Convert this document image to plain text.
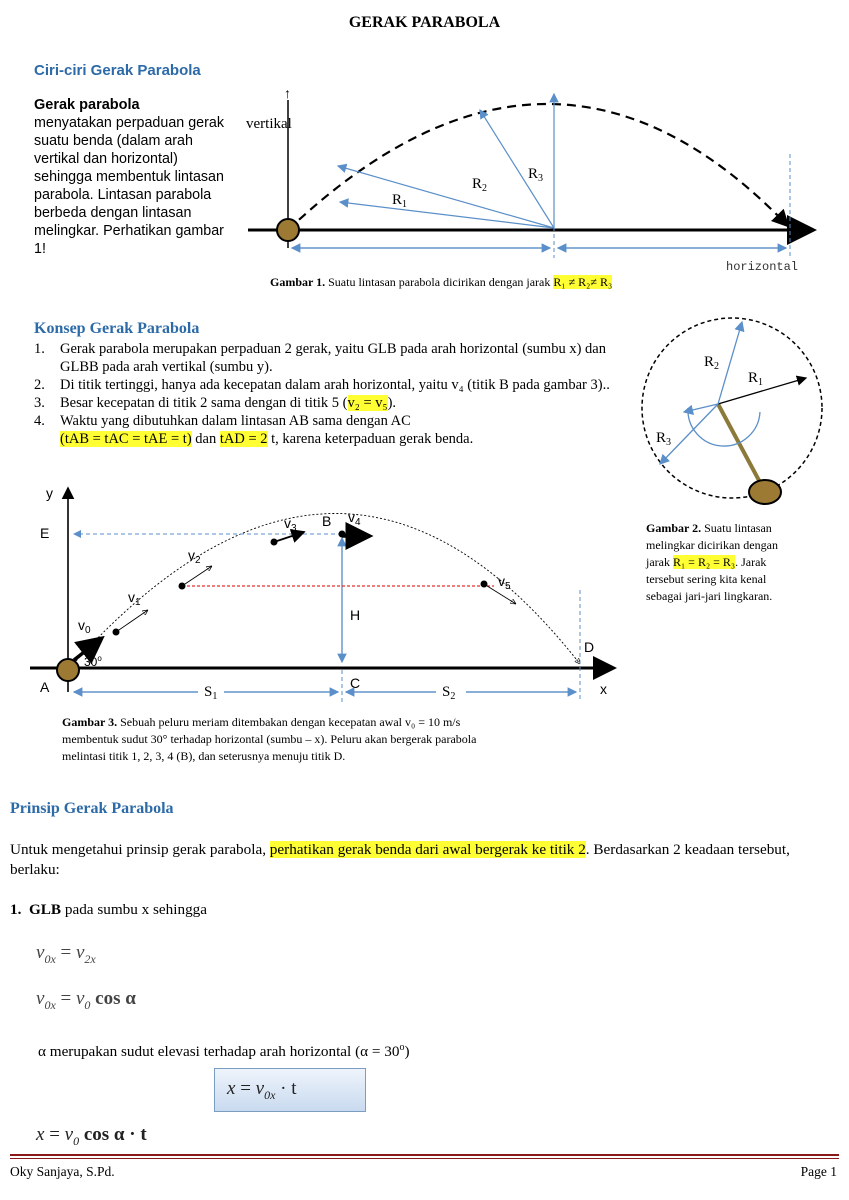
GERAK PARABOLA
Ciri-ciri Gerak Parabola
Gerak parabola
menyatakan perpaduan gerak suatu benda (dalam arah vertikal dan horizontal) sehingga membentuk lintasan parabola. Lintasan parabola berbeda dengan lintasan melingkar. Perhatikan gambar 1!
↑
vertikal
$R_1$
$R_2$
$R_3$
horizontal
Gambar 1. Suatu lintasan parabola dicirikan dengan jarak R₁ ≠ R₂≠ R₃
Konsep Gerak Parabola
1. Gerak parabola merupakan perpaduan 2 gerak, yaitu GLB pada arah horizontal (sumbu x) dan GLBB pada arah vertikal (sumbu y).
2. Di titik tertinggi, hanya ada kecepatan dalam arah horizontal, yaitu v₄ (titik B pada gambar 3)..
3. Besar kecepatan di titik 2 sama dengan di titik 5 (v₂ = v₅).
4. Waktu yang dibutuhkan dalam lintasan AB sama dengan AC
(tAB = tAC = tAE = t) dan tAD = 2 t, karena keterpaduan gerak benda.
$R_2$
$R_1$
$R_3$
Gambar 2. Suatu lintasan
melingkar dicirikan dengan
jarak R₁ = R₂ = R₃. Jarak
tersebut sering kita kenal
sebagai jari-jari lingkaran.
y
x
E
H
$S_1$	$S_2$
A
B
C
D
30$^o$
$v_0$
$v_1$
$v_2$
$v_3$
$v_4$
$v_5$
Gambar 3. Sebuah peluru meriam ditembakan dengan kecepatan awal v₀ = 10 m/s
membentuk sudut 30° terhadap horizontal (sumbu – x). Peluru akan bergerak parabola
melintasi titik 1, 2, 3, 4 (B), dan seterusnya menuju titik D.
Prinsip Gerak Parabola
Untuk mengetahui prinsip gerak parabola, perhatikan gerak benda dari awal bergerak ke titik 2. Berdasarkan 2 keadaan tersebut, berlaku:
1. GLB pada sumbu x sehingga
$v_{0x} = v_{2x}$
$v_{0x} = v_0$ cos α
α merupakan sudut elevasi terhadap arah horizontal $(\alpha = 30^o)$
$x = v_{0x} \cdot t$
$x = v_0$ cos α · t
Oky Sanjaya, S.Pd.	Page 1
